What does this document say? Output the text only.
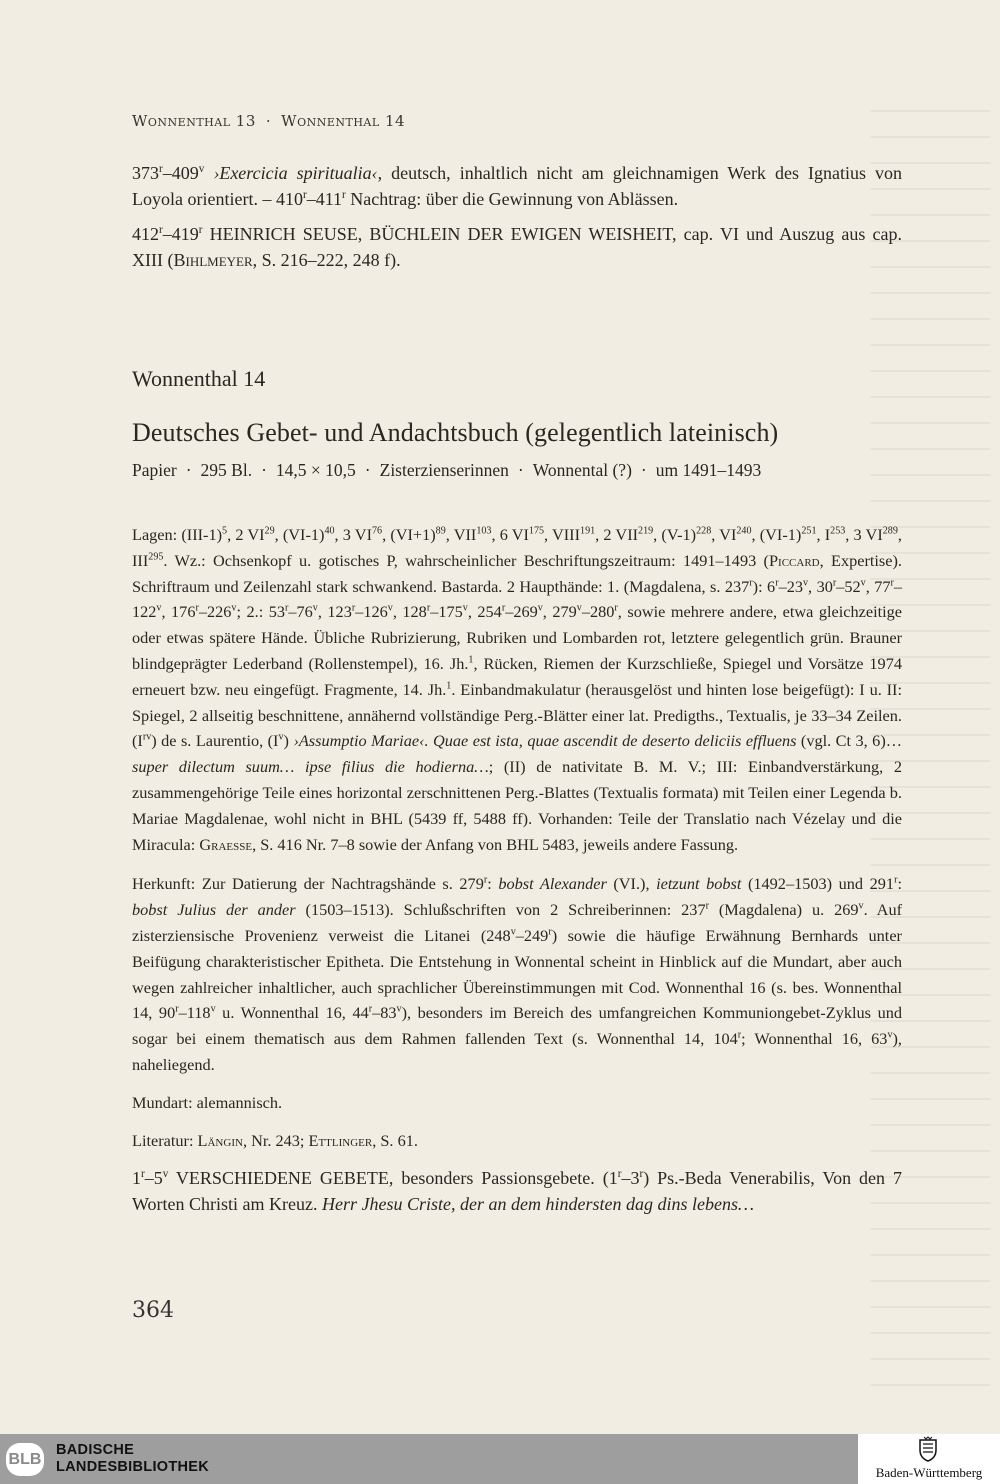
Wonnenthal 13 · Wonnenthal 14

373$^r$–409$^v$ ›Exercicia spiritualia‹, deutsch, inhaltlich nicht am gleichnamigen Werk des Ignatius von Loyola orientiert. – 410$^r$–411$^r$ Nachtrag: über die Gewinnung von Ablässen.

412$^r$–419$^r$ HEINRICH SEUSE, BÜCHLEIN DER EWIGEN WEISHEIT, cap. VI und Auszug aus cap. XIII (Bihlmeyer, S. 216–222, 248 f).

Wonnenthal 14
Deutsches Gebet- und Andachtsbuch (gelegentlich lateinisch)
Papier · 295 Bl. · 14,5 × 10,5 · Zisterzienserinnen · Wonnental (?) · um 1491–1493

Lagen: $(III-1)^5$, 2 VI$^{29}$, $(VI-1)^{40}$, 3 VI$^{76}$, $(VI+1)^{89}$, VII$^{103}$, 6 VI$^{175}$, VIII$^{191}$, 2 VII$^{219}$, $(V-1)^{228}$, VI$^{240}$, $(VI-1)^{251}$, $I^{253}$, 3 VI$^{289}$, III$^{295}$. Wz.: Ochsenkopf u. gotisches P, wahrscheinlicher Beschriftungszeitraum: 1491–1493 (Piccard, Expertise). Schriftraum und Zeilenzahl stark schwankend. Bastarda. 2 Haupthände: 1. (Magdalena, s. 237$^r$): 6$^r$–23$^v$, 30$^r$–52$^v$, 77$^r$–122$^v$, 176$^r$–226$^v$; 2.: 53$^r$–76$^v$, 123$^r$–126$^v$, 128$^r$–175$^v$, 254$^r$–269$^v$, 279$^v$–280$^r$, sowie mehrere andere, etwa gleichzeitige oder etwas spätere Hände. Übliche Rubrizierung, Rubriken und Lombarden rot, letztere gelegentlich grün. Brauner blindgeprägter Lederband (Rollenstempel), 16. Jh.$^1$, Rücken, Riemen der Kurzschließe, Spiegel und Vorsätze 1974 erneuert bzw. neu eingefügt. Fragmente, 14. Jh.$^1$. Einbandmakulatur (herausgelöst und hinten lose beigefügt): I u. II: Spiegel, 2 allseitig beschnittene, annähernd vollständige Perg.-Blätter einer lat. Predigths., Textualis, je 33–34 Zeilen. $(I^{rv})$ de s. Laurentio, $(I^v)$ ›Assumptio Mariae‹. Quae est ista, quae ascendit de deserto deliciis effluens (vgl. Ct 3, 6)… super dilectum suum… ipse filius die hodierna…; (II) de nativitate B. M. V.; III: Einbandverstärkung, 2 zusammengehörige Teile eines horizontal zerschnittenen Perg.-Blattes (Textualis formata) mit Teilen einer Legenda b. Mariae Magdalenae, wohl nicht in BHL (5439 ff, 5488 ff). Vorhanden: Teile der Translatio nach Vézelay und die Miracula: Graesse, S. 416 Nr. 7–8 sowie der Anfang von BHL 5483, jeweils andere Fassung.

Herkunft: Zur Datierung der Nachtragshände s. 279$^r$: bobst Alexander (VI.), ietzunt bobst (1492–1503) und 291$^r$: bobst Julius der ander (1503–1513). Schlußschriften von 2 Schreiberinnen: 237$^r$ (Magdalena) u. 269$^v$. Auf zisterziensische Provenienz verweist die Litanei (248$^v$–249$^r$) sowie die häufige Erwähnung Bernhards unter Beifügung charakteristischer Epitheta. Die Entstehung in Wonnental scheint in Hinblick auf die Mundart, aber auch wegen zahlreicher inhaltlicher, auch sprachlicher Übereinstimmungen mit Cod. Wonnenthal 16 (s. bes. Wonnenthal 14, 90$^r$–118$^v$ u. Wonnenthal 16, 44$^r$–83$^v$), besonders im Bereich des umfangreichen Kommuniongebet-Zyklus und sogar bei einem thematisch aus dem Rahmen fallenden Text (s. Wonnenthal 14, 104$^r$; Wonnenthal 16, 63$^v$), naheliegend.

Mundart: alemannisch.

Literatur: Längin, Nr. 243; Ettlinger, S. 61.

1$^r$–5$^v$ VERSCHIEDENE GEBETE, besonders Passionsgebete. (1$^r$–3$^r$) Ps.-Beda Venerabilis, Von den 7 Worten Christi am Kreuz. Herr Jhesu Criste, der an dem hindersten dag dins lebens…

364
BLB
BADISCHE
LANDESBIBLIOTHEK	Baden-Württemberg
